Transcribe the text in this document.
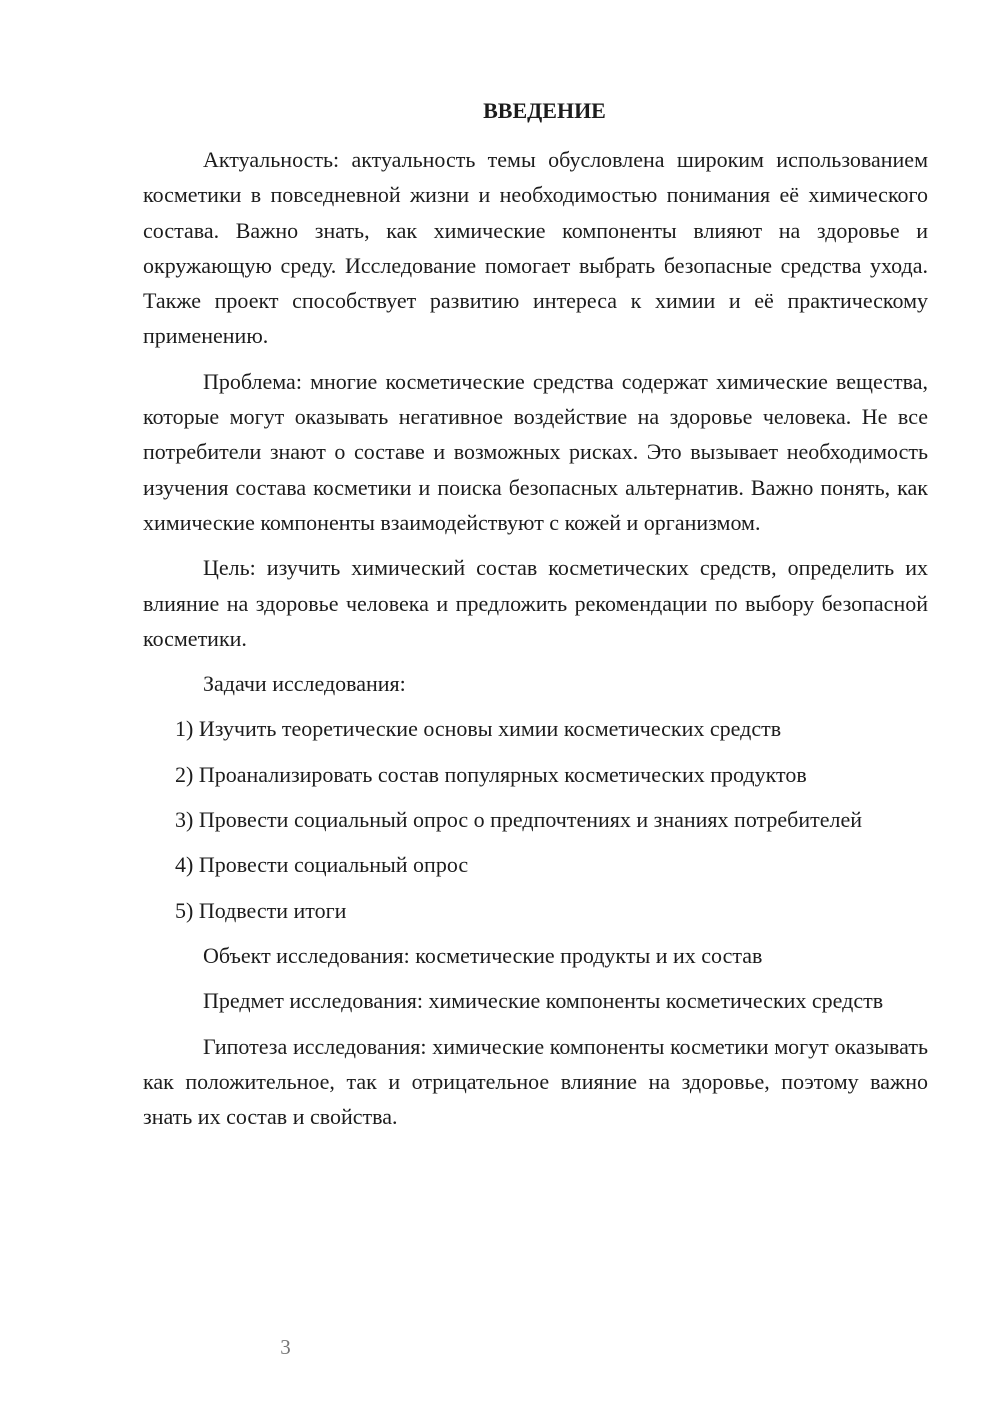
ВВЕДЕНИЕ

Актуальность: актуальность темы обусловлена широким использованием косметики в повседневной жизни и необходимостью понимания её химического состава. Важно знать, как химические компоненты влияют на здоровье и окружающую среду. Исследование помогает выбрать безопасные средства ухода. Также проект способствует развитию интереса к химии и её практическому применению.

Проблема: многие косметические средства содержат химические вещества, которые могут оказывать негативное воздействие на здоровье человека. Не все потребители знают о составе и возможных рисках. Это вызывает необходимость изучения состава косметики и поиска безопасных альтернатив. Важно понять, как химические компоненты взаимодействуют с кожей и организмом.

Цель: изучить химический состав косметических средств, определить их влияние на здоровье человека и предложить рекомендации по выбору безопасной косметики.

Задачи исследования:

1) Изучить теоретические основы химии косметических средств

2) Проанализировать состав популярных косметических продуктов

3) Провести социальный опрос о предпочтениях и знаниях потребителей

4) Провести социальный опрос

5) Подвести итоги

Объект исследования: косметические продукты и их состав

Предмет исследования: химические компоненты косметических средств

Гипотеза исследования: химические компоненты косметики могут оказывать как положительное, так и отрицательное влияние на здоровье, поэтому важно знать их состав и свойства.

3
